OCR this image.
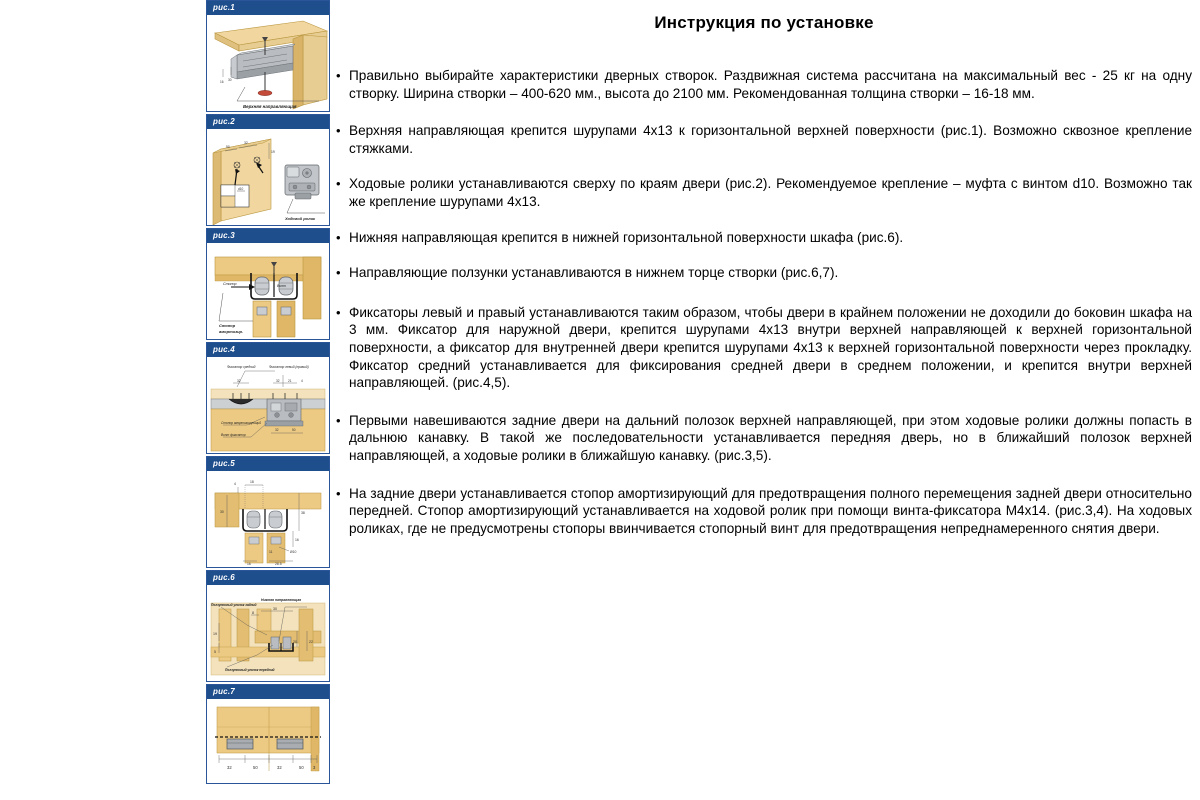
рис.1
16 30
Верхняя направляющая
рис.2
50
32
19
d10
Ходовой ролик
рис.3
Стопор	Винт
Стопор
амортизир.
рис.4
Фиксатор средний	Фиксатор левый (правый)
32	32	21	4
32	50
Стопор амортизирующий
Винт фиксатор
рис.5
4	18
30	38
16
11	Ø10
16	28.5
рис.6
19
5
8
30
20	22
Нижняя направляющая
Ползунковый уголок задний
Ползунковый уголок передний
рис.7
32	50	32	50 3
Инструкция по установке
• Правильно выбирайте характеристики дверных створок. Раздвижная система рассчитана на максимальный вес - 25 кг на одну створку. Ширина створки – 400-620 мм., высота до 2100 мм. Рекомендованная толщина створки – 16-18 мм.
• Верхняя направляющая крепится шурупами 4х13 к горизонтальной верхней поверхности (рис.1). Возможно сквозное крепление стяжками.
• Ходовые ролики устанавливаются сверху по краям двери (рис.2). Рекомендуемое крепление – муфта с винтом d10. Возможно так же крепление шурупами 4х13.
• Нижняя направляющая крепится в нижней горизонтальной поверхности шкафа (рис.6).
• Направляющие ползунки устанавливаются в нижнем торце створки (рис.6,7).
• Фиксаторы левый и правый устанавливаются таким образом, чтобы двери в крайнем положении не доходили до боковин шкафа на 3 мм. Фиксатор для наружной двери, крепится шурупами 4х13 внутри верхней направляющей к верхней горизонтальной поверхности, а фиксатор для внутренней двери крепится шурупами 4х13 к верхней горизонтальной поверхности через прокладку. Фиксатор средний устанавливается для фиксирования средней двери в среднем положении, и крепится внутри верхней направляющей. (рис.4,5).
• Первыми навешиваются задние двери на дальний полозок верхней направляющей, при этом ходовые ролики должны попасть в дальнюю канавку. В такой же последовательности устанавливается передняя дверь, но в ближайший полозок верхней направляющей, а ходовые ролики в ближайшую канавку. (рис.3,5).
• На задние двери устанавливается стопор амортизирующий для предотвращения полного перемещения задней двери относительно передней. Стопор амортизирующий устанавливается на ходовой ролик при помощи винта-фиксатора М4х14. (рис.3,4). На ходовых роликах, где не предусмотрены стопоры ввинчивается стопорный винт для предотвращения непреднамеренного снятия двери.
